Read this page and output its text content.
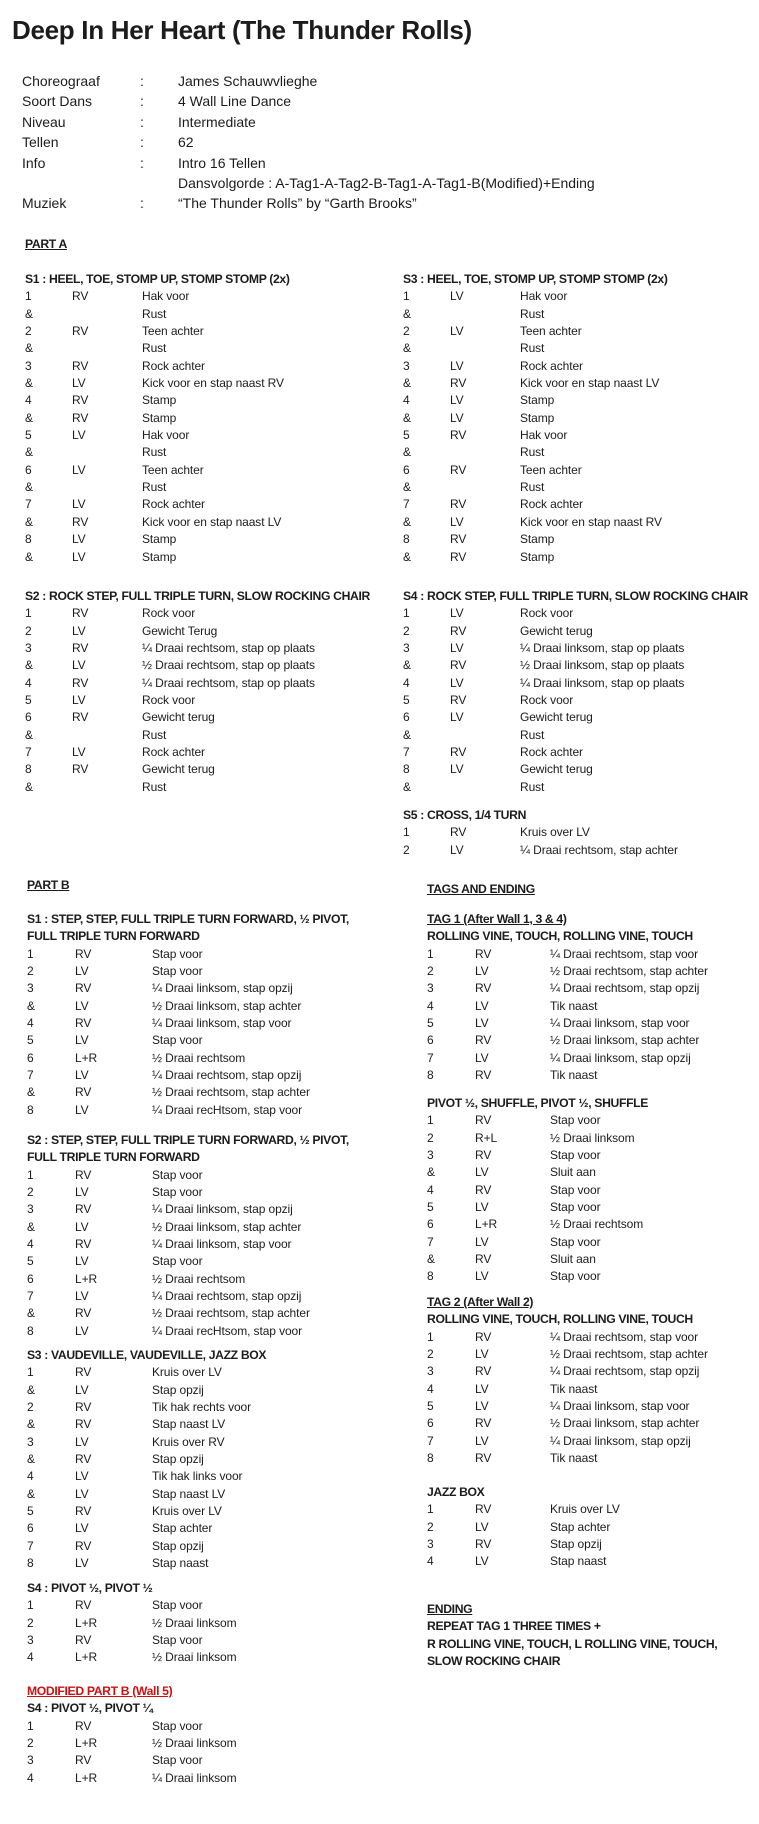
Deep In Her Heart (The Thunder Rolls)
Choreograaf	:	James Schauwvlieghe
Soort Dans	:	4 Wall Line Dance
Niveau	:	Intermediate
Tellen	:	62
Info	:	Intro 16 Tellen
Dansvolgorde : A-Tag1-A-Tag2-B-Tag1-A-Tag1-B(Modified)+Ending
Muziek	:	“The Thunder Rolls” by “Garth Brooks”
PART A
S1 : HEEL, TOE, STOMP UP, STOMP STOMP (2x)
1	RV	Hak voor
&	Rust
2	RV	Teen achter
&	Rust
3	RV	Rock achter
&	LV	Kick voor en stap naast RV
4	RV	Stamp
&	RV	Stamp
5	LV	Hak voor
&	Rust
6	LV	Teen achter
&	Rust
7	LV	Rock achter
&	RV	Kick voor en stap naast LV
8	LV	Stamp
&	LV	Stamp
S2 : ROCK STEP, FULL TRIPLE TURN, SLOW ROCKING CHAIR
1	RV	Rock voor
2	LV	Gewicht Terug
3	RV	¼ Draai rechtsom, stap op plaats
&	LV	½ Draai rechtsom, stap op plaats
4	RV	¼ Draai rechtsom, stap op plaats
5	LV	Rock voor
6	RV	Gewicht terug
&	Rust
7	LV	Rock achter
8	RV	Gewicht terug
&	Rust
S3 : HEEL, TOE, STOMP UP, STOMP STOMP (2x)
1	LV	Hak voor
&	Rust
2	LV	Teen achter
&	Rust
3	LV	Rock achter
&	RV	Kick voor en stap naast LV
4	LV	Stamp
&	LV	Stamp
5	RV	Hak voor
&	Rust
6	RV	Teen achter
&	Rust
7	RV	Rock achter
&	LV	Kick voor en stap naast RV
8	RV	Stamp
&	RV	Stamp
S4 : ROCK STEP, FULL TRIPLE TURN, SLOW ROCKING CHAIR
1	LV	Rock voor
2	RV	Gewicht terug
3	LV	¼ Draai linksom, stap op plaats
&	RV	½ Draai linksom, stap op plaats
4	LV	¼ Draai linksom, stap op plaats
5	RV	Rock voor
6	LV	Gewicht terug
&	Rust
7	RV	Rock achter
8	LV	Gewicht terug
&	Rust
S5 : CROSS, 1/4 TURN
1	RV	Kruis over LV
2	LV	¼ Draai rechtsom, stap achter
PART B
S1 : STEP, STEP, FULL TRIPLE TURN FORWARD, ½ PIVOT,
FULL TRIPLE TURN FORWARD
1	RV	Stap voor
2	LV	Stap voor
3	RV	¼ Draai linksom, stap opzij
&	LV	½ Draai linksom, stap achter
4	RV	¼ Draai linksom, stap voor
5	LV	Stap voor
6	L+R	½ Draai rechtsom
7	LV	¼ Draai rechtsom, stap opzij
&	RV	½ Draai rechtsom, stap achter
8	LV	¼ Draai recHtsom, stap voor
S2 : STEP, STEP, FULL TRIPLE TURN FORWARD, ½ PIVOT,
FULL TRIPLE TURN FORWARD
1	RV	Stap voor
2	LV	Stap voor
3	RV	¼ Draai linksom, stap opzij
&	LV	½ Draai linksom, stap achter
4	RV	¼ Draai linksom, stap voor
5	LV	Stap voor
6	L+R	½ Draai rechtsom
7	LV	¼ Draai rechtsom, stap opzij
&	RV	½ Draai rechtsom, stap achter
8	LV	¼ Draai recHtsom, stap voor
S3 : VAUDEVILLE, VAUDEVILLE, JAZZ BOX
1	RV	Kruis over LV
&	LV	Stap opzij
2	RV	Tik hak rechts voor
&	RV	Stap naast LV
3	LV	Kruis over RV
&	RV	Stap opzij
4	LV	Tik hak links voor
&	LV	Stap naast LV
5	RV	Kruis over LV
6	LV	Stap achter
7	RV	Stap opzij
8	LV	Stap naast
S4 : PIVOT ½, PIVOT ½
1	RV	Stap voor
2	L+R	½ Draai linksom
3	RV	Stap voor
4	L+R	½ Draai linksom
MODIFIED PART B (Wall 5)
S4 : PIVOT ½, PIVOT ¼
1	RV	Stap voor
2	L+R	½ Draai linksom
3	RV	Stap voor
4	L+R	¼ Draai linksom
TAGS AND ENDING
TAG 1 (After Wall 1, 3 & 4)
ROLLING VINE, TOUCH, ROLLING VINE, TOUCH
1	RV	¼ Draai rechtsom, stap voor
2	LV	½ Draai rechtsom, stap achter
3	RV	¼ Draai rechtsom, stap opzij
4	LV	Tik naast
5	LV	¼ Draai linksom, stap voor
6	RV	½ Draai linksom, stap achter
7	LV	¼ Draai linksom, stap opzij
8	RV	Tik naast
PIVOT ½, SHUFFLE, PIVOT ½, SHUFFLE
1	RV	Stap voor
2	R+L	½ Draai linksom
3	RV	Stap voor
&	LV	Sluit aan
4	RV	Stap voor
5	LV	Stap voor
6	L+R	½ Draai rechtsom
7	LV	Stap voor
&	RV	Sluit aan
8	LV	Stap voor
TAG 2 (After Wall 2)
ROLLING VINE, TOUCH, ROLLING VINE, TOUCH
1	RV	¼ Draai rechtsom, stap voor
2	LV	½ Draai rechtsom, stap achter
3	RV	¼ Draai rechtsom, stap opzij
4	LV	Tik naast
5	LV	¼ Draai linksom, stap voor
6	RV	½ Draai linksom, stap achter
7	LV	¼ Draai linksom, stap opzij
8	RV	Tik naast
JAZZ BOX
1	RV	Kruis over LV
2	LV	Stap achter
3	RV	Stap opzij
4	LV	Stap naast
ENDING
REPEAT TAG 1 THREE TIMES +
R ROLLING VINE, TOUCH, L ROLLING VINE, TOUCH,
SLOW ROCKING CHAIR
